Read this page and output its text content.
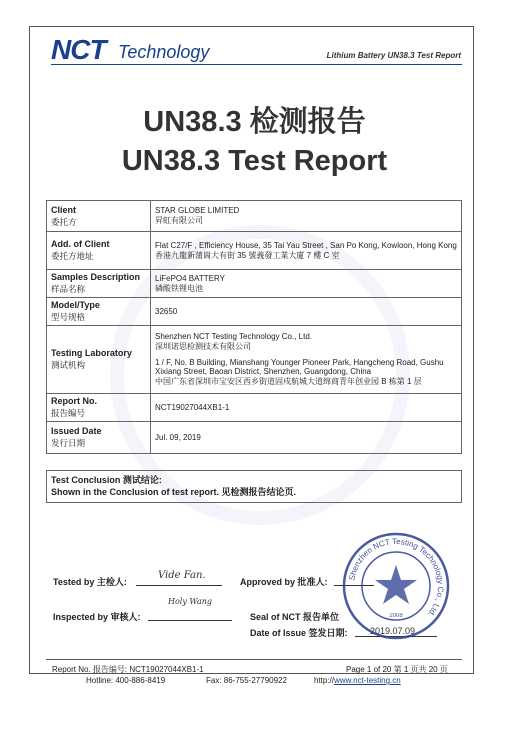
NCT Technology	Lithium Battery UN38.3 Test Report
UN38.3 检测报告
UN38.3 Test Report
Client
委托方	STAR GLOBE LIMITED
昇虹有限公司

Add. of Client
委托方地址	Flat C27/F , Efficiency House, 35 Tai Yau Street , San Po Kong, Kowloon, Hong Kong
香港九龍新蒲崗大有街 35 號義發工業大廈 7 樓 C 室

Samples Description
样品名称	LiFePO4 BATTERY
磷酸铁锂电池

Model/Type
型号规格	32650

Testing Laboratory
测试机构	Shenzhen NCT Testing Technology Co., Ltd.
深圳诺思检测技术有限公司
1 / F, No. B Building, Mianshang Younger Pioneer Park, Hangcheng Road, Gushu Xixiang Street, Baoan District, Shenzhen, Guangdong, China
中国广东省深圳市宝安区西乡街道固戍航城大道绵商青年创业园 B 栋第 1 层

Report No.
报告编号	NCT19027044XB1-1

Issued Date
发行日期	Jul. 09, 2019
Test Conclusion 测试结论:
Shown in the Conclusion of test report. 见检测报告结论页.
Tested by 主检人:
Vide Fan.
Approved by 批准人:
Inspected by 审核人:
Holy Wang
Seal of NCT 报告单位
Date of Issue 签发日期: 2019.07.09
Shenzhen NCT Testing Technology Co., Ltd.
2008
Report No. 报告编号: NCT19027044XB1-1	Page 1 of 20 第 1 页共 20 页
Hotline: 400-886-8419	Fax: 86-755-27790922	http://www.nct-testing.cn
